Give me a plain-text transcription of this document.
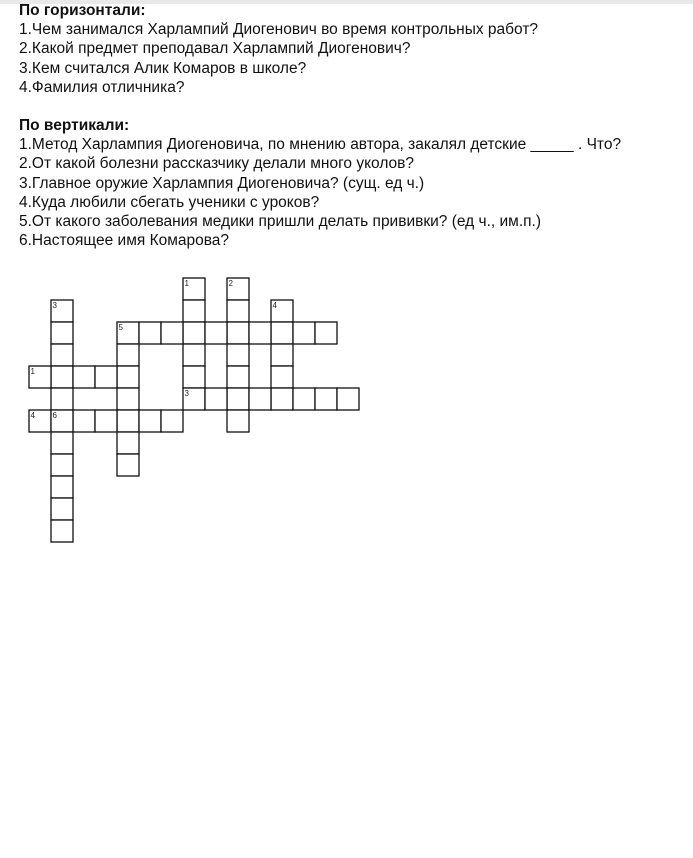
По горизонтали:

1.Чем занимался Харлампий Диогенович во время контрольных работ?

2.Какой предмет преподавал Харлампий Диогенович?

3.Кем считался Алик Комаров в школе?

4.Фамилия отличника?

По вертикали:

1.Метод Харлампия Диогеновича, по мнению автора, закалял детские _____ . Что?

2.От какой болезни рассказчику делали много уколов?

3.Главное оружие Харлампия Диогеновича? (сущ. ед ч.)

4.Куда любили сбегать ученики с уроков?

5.От какого заболевания медики пришли делать прививки? (ед ч., им.п.)

6.Настоящее имя Комарова?

1	2
3	4
5
1
3
4 6
